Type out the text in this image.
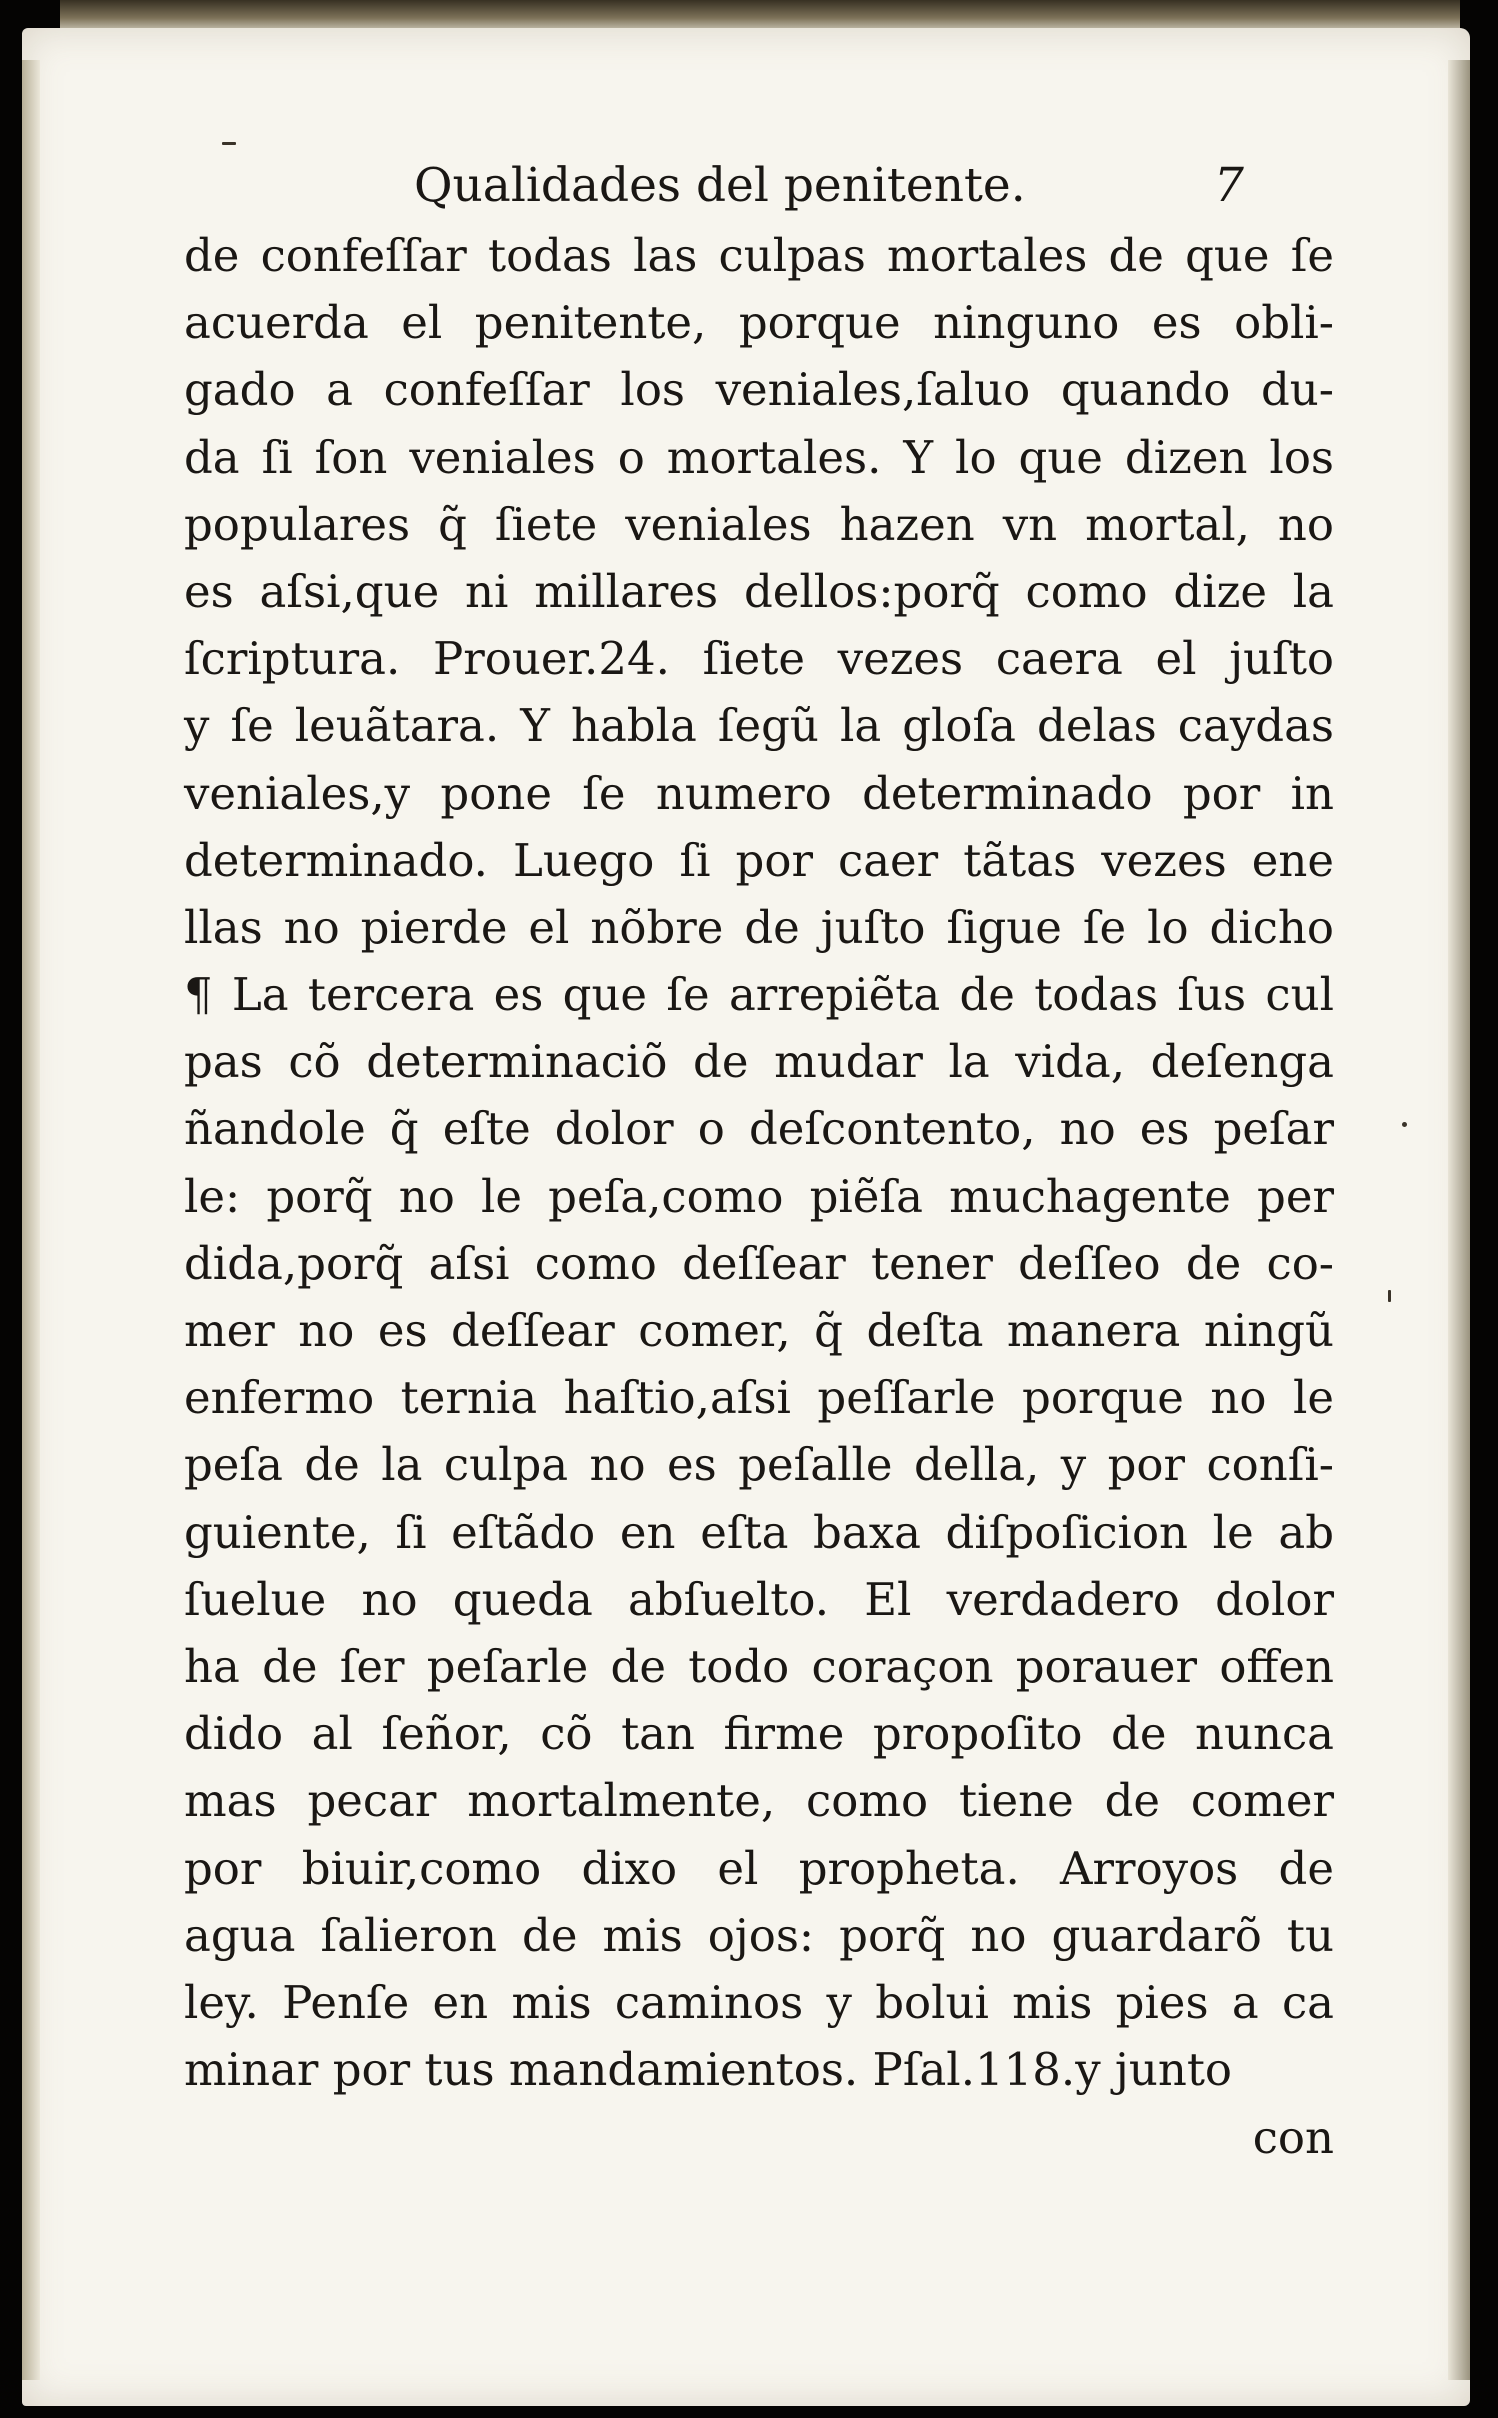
Qualidades del penitente.	7
de confeſſar todas las culpas mortales de que ſe
acuerda el penitente, porque ninguno es obli-
gado a confeſſar los veniales,ſaluo quando du-
da ſi ſon veniales o mortales. Y lo que dizen los
populares q̃ ſiete veniales hazen vn mortal, no
es aſsi,que ni millares dellos:porq̃ como dize la
ſcriptura. Prouer.24. ſiete vezes caera el juſto
y ſe leuãtara. Y habla ſegũ la gloſa delas caydas
veniales,y pone ſe numero determinado por in
determinado. Luego ſi por caer tãtas vezes ene
llas no pierde el nõbre de juſto ſigue ſe lo dicho
¶ La tercera es que ſe arrepiẽta de todas ſus cul
pas cõ determinaciõ de mudar la vida, deſenga
ñandole q̃ eſte dolor o deſcontento, no es peſar
le: porq̃ no le peſa,como piẽſa muchagente per
dida,porq̃ aſsi como deſſear tener deſſeo de co-
mer no es deſſear comer, q̃ deſta manera ningũ
enfermo ternia haſtio,aſsi peſſarle porque no le
peſa de la culpa no es peſalle della, y por conſi-
guiente, ſi eſtãdo en eſta baxa diſpoſicion le ab
ſuelue no queda abſuelto. El verdadero dolor
ha de ſer peſarle de todo coraçon porauer offen
dido al ſeñor, cõ tan firme propoſito de nunca
mas pecar mortalmente, como tiene de comer
por biuir,como dixo el propheta. Arroyos de
agua ſalieron de mis ojos: porq̃ no guardarõ tu
ley. Penſe en mis caminos y bolui mis pies a ca
minar por tus mandamientos. Pſal.118.y junto
con
